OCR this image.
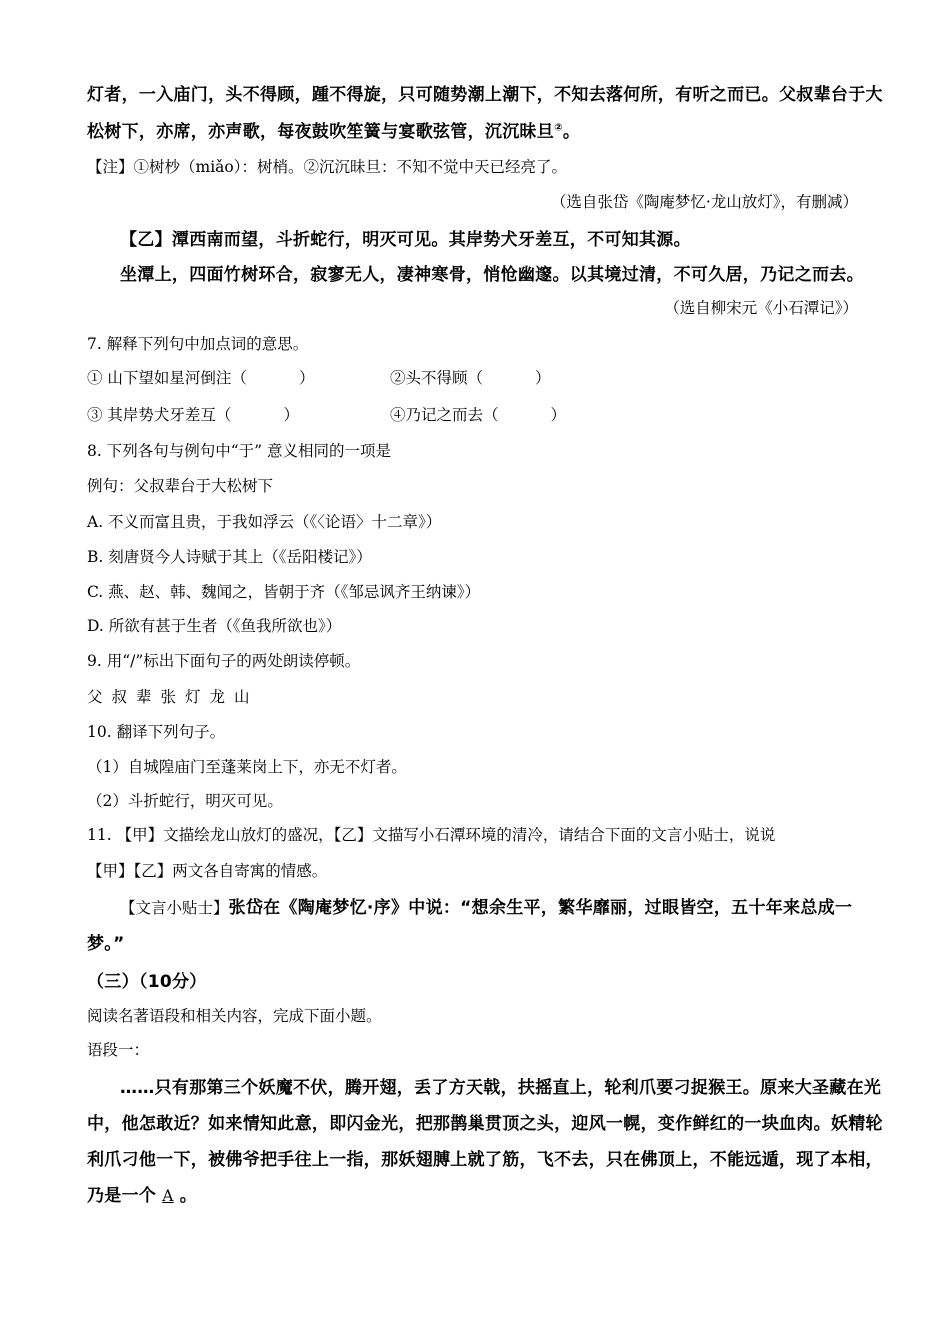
灯者，一入庙门，头不得顾，踵不得旋，只可随势潮上潮下，不知去落何所，有听之而已。父叔辈台于大
松树下，亦席，亦声歌，每夜鼓吹笙簧与宴歌弦管，沉沉昧旦②。
【注】①树杪（miǎo）：树梢。②沉沉昧旦：不知不觉中天已经亮了。
（选自张岱《陶庵梦忆·龙山放灯》，有删减）
【乙】潭西南而望，斗折蛇行，明灭可见。其岸势犬牙差互，不可知其源。
坐潭上，四面竹树环合，寂寥无人，凄神寒骨，悄怆幽邃。以其境过清，不可久居，乃记之而去。
（选自柳宋元《小石潭记》）
7. 解释下列句中加点词的意思。
① 山下望如星河倒注（	）	②头不得顾（	）
③ 其岸势犬牙差互（	）	④乃记之而去（	）
8. 下列各句与例句中“于” 意义相同的一项是
例句：父叔辈台于大松树下
A. 不义而富且贵，于我如浮云（《〈论语〉十二章》）
B. 刻唐贤今人诗赋于其上（《岳阳楼记》）
C. 燕、赵、韩、魏闻之，皆朝于齐（《邹忌讽齐王纳谏》）
D. 所欲有甚于生者（《鱼我所欲也》）
9. 用“/”标出下面句子的两处朗读停顿。
父叔辈张灯龙山
10. 翻译下列句子。
（1）自城隍庙门至蓬莱岗上下，亦无不灯者。
（2）斗折蛇行，明灭可见。
11. 【甲】文描绘龙山放灯的盛况，【乙】文描写小石潭环境的清冷，请结合下面的文言小贴士，说说
【甲】【乙】两文各自寄寓的情感。
【文言小贴士】张岱在《陶庵梦忆·序》中说：“想余生平，繁华靡丽，过眼皆空，五十年来总成一
梦。”
（三）（10分）
阅读名著语段和相关内容，完成下面小题。
语段一：
……只有那第三个妖魔不伏，腾开翅，丢了方天戟，扶摇直上，轮利爪要刁捉猴王。原来大圣藏在光
中，他怎敢近？如来情知此意，即闪金光，把那鹊巢贯顶之头，迎风一幌，变作鲜红的一块血肉。妖精轮
利爪刁他一下，被佛爷把手往上一指，那妖翅膊上就了筋，飞不去，只在佛顶上，不能远遁，现了本相，
乃是一个 A 。
